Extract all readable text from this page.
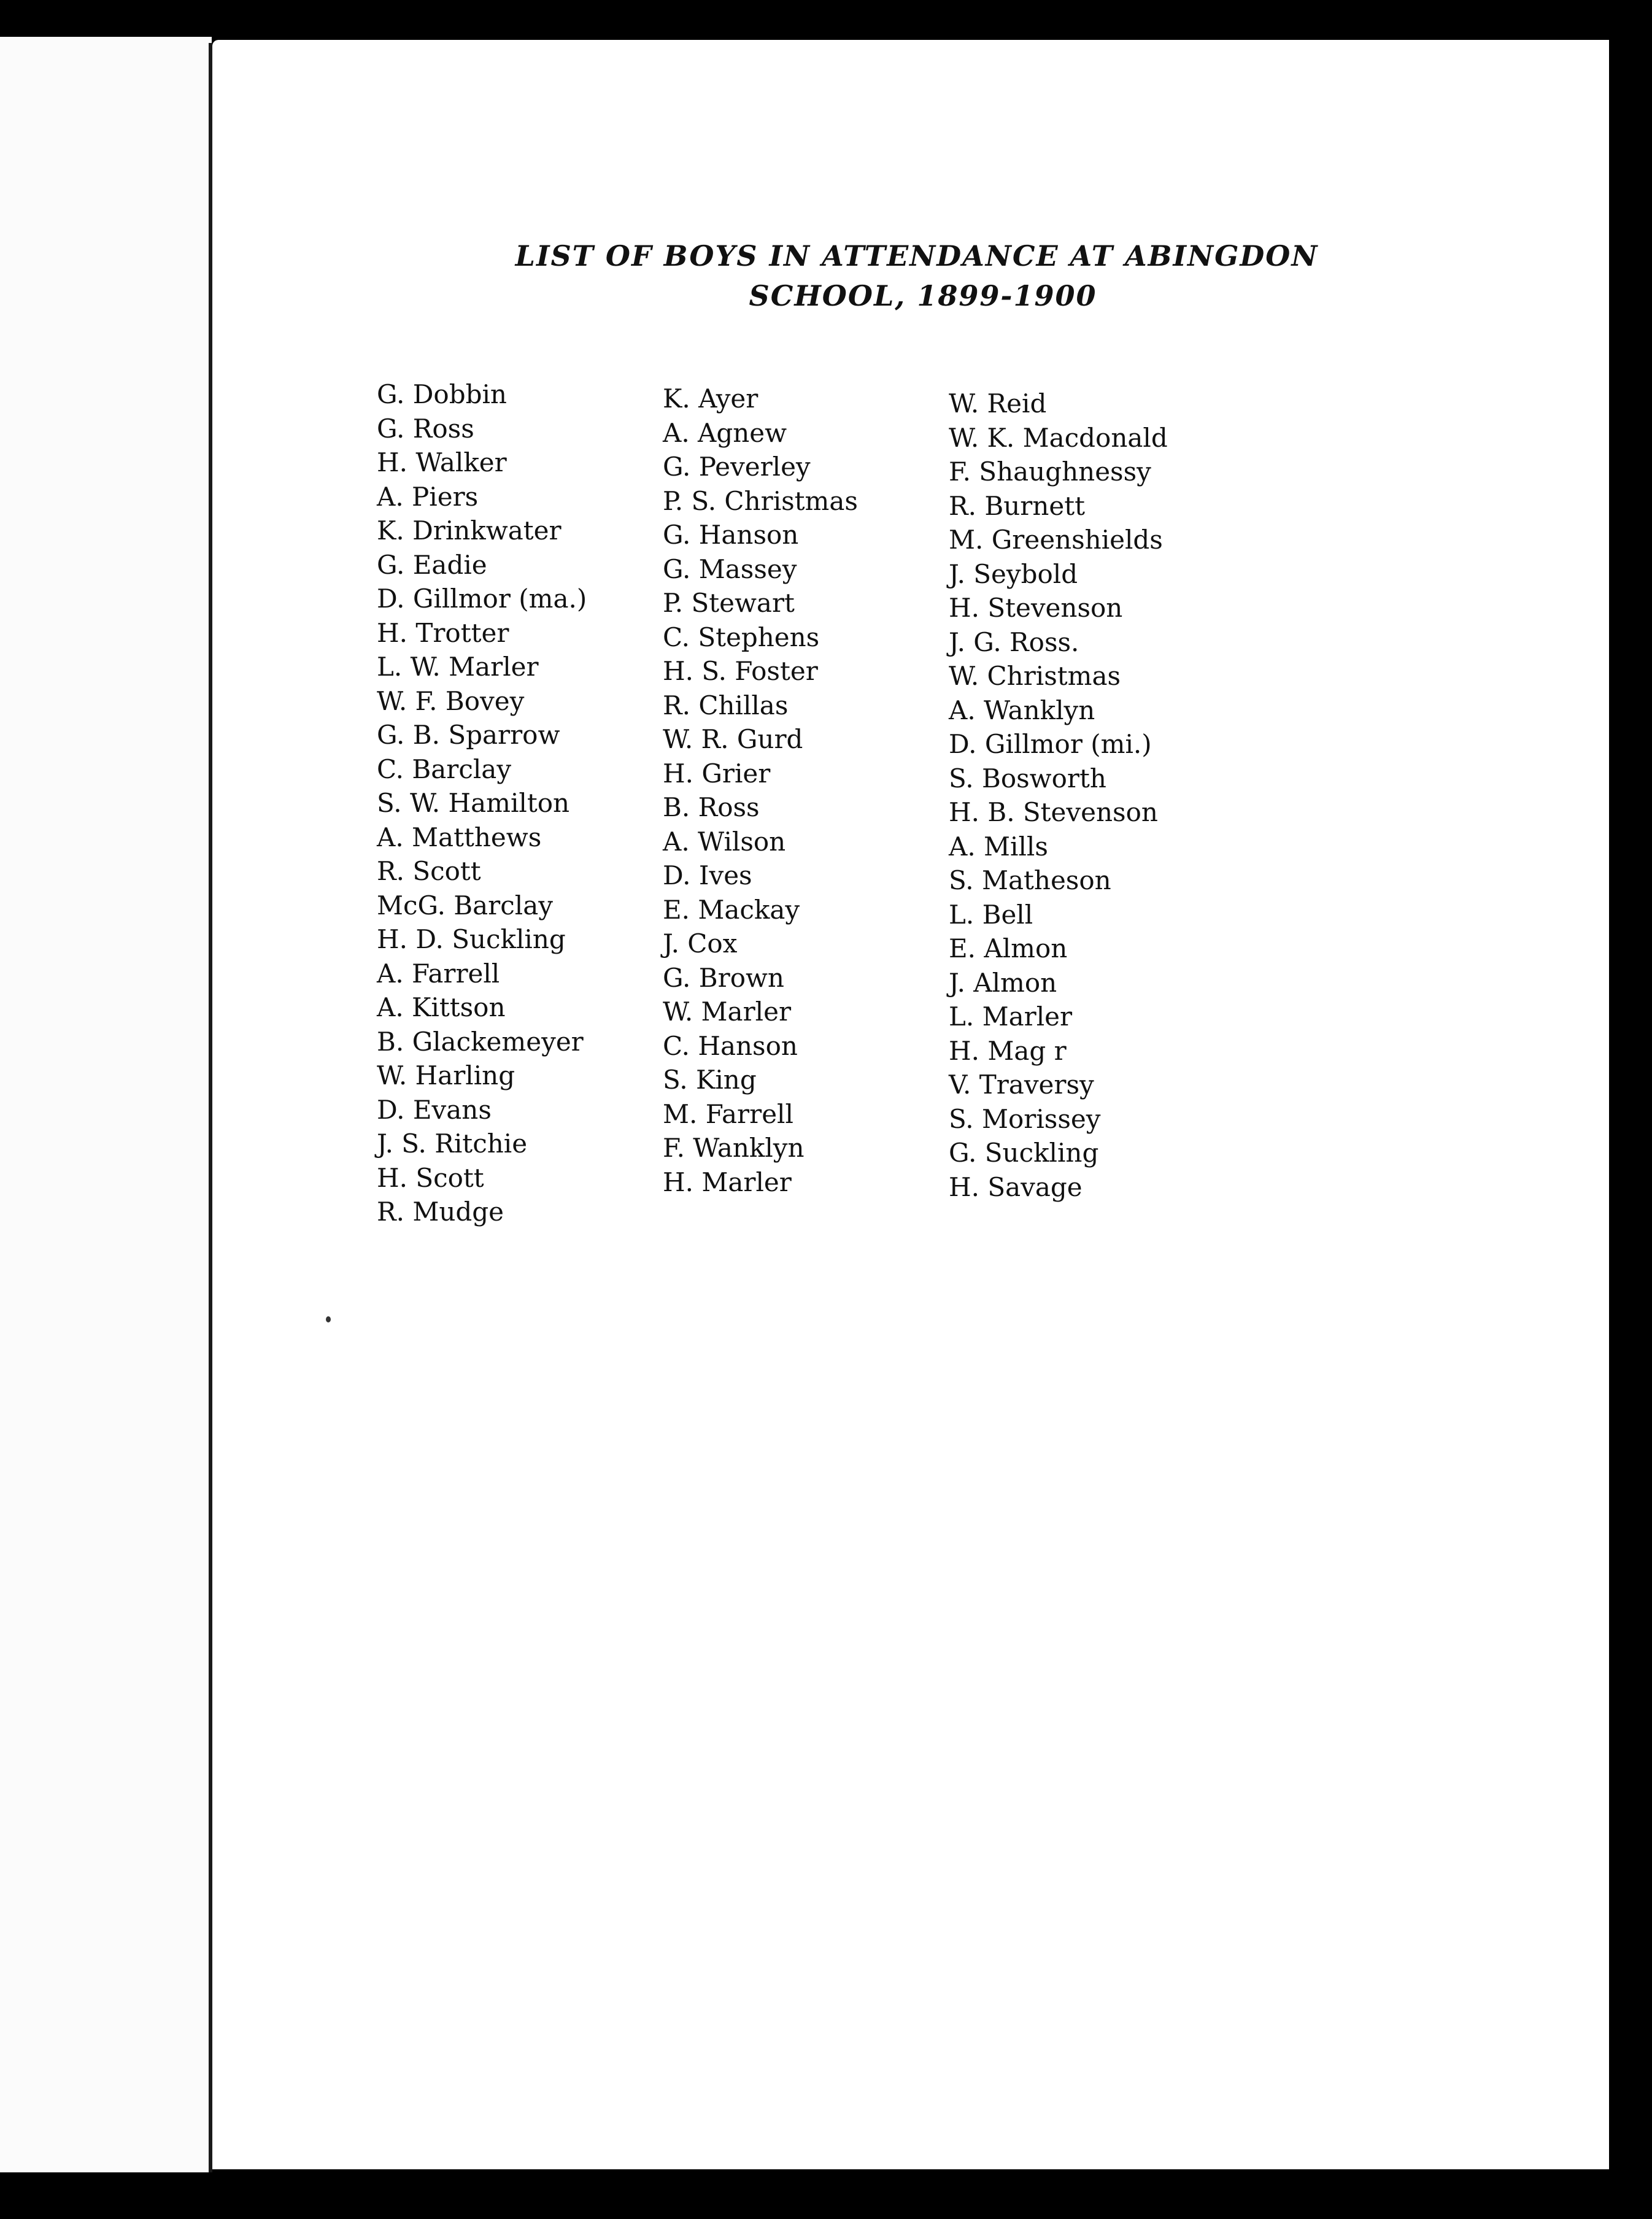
LIST OF BOYS IN ATTENDANCE AT ABINGDON
SCHOOL, 1899-1900
G. Dobbin
G. Ross
H. Walker
A. Piers
K. Drinkwater
G. Eadie
D. Gillmor (ma.)
H. Trotter
L. W. Marler
W. F. Bovey
G. B. Sparrow
C. Barclay
S. W. Hamilton
A. Matthews
R. Scott
McG. Barclay
H. D. Suckling
A. Farrell
A. Kittson
B. Glackemeyer
W. Harling
D. Evans
J. S. Ritchie
H. Scott
R. Mudge
K. Ayer
A. Agnew
G. Peverley
P. S. Christmas
G. Hanson
G. Massey
P. Stewart
C. Stephens
H. S. Foster
R. Chillas
W. R. Gurd
H. Grier
B. Ross
A. Wilson
D. Ives
E. Mackay
J. Cox
G. Brown
W. Marler
C. Hanson
S. King
M. Farrell
F. Wanklyn
H. Marler
W. Reid
W. K. Macdonald
F. Shaughnessy
R. Burnett
M. Greenshields
J. Seybold
H. Stevenson
J. G. Ross.
W. Christmas
A. Wanklyn
D. Gillmor (mi.)
S. Bosworth
H. B. Stevenson
A. Mills
S. Matheson
L. Bell
E. Almon
J. Almon
L. Marler
H. Mag r
V. Traversy
S. Morissey
G. Suckling
H. Savage
